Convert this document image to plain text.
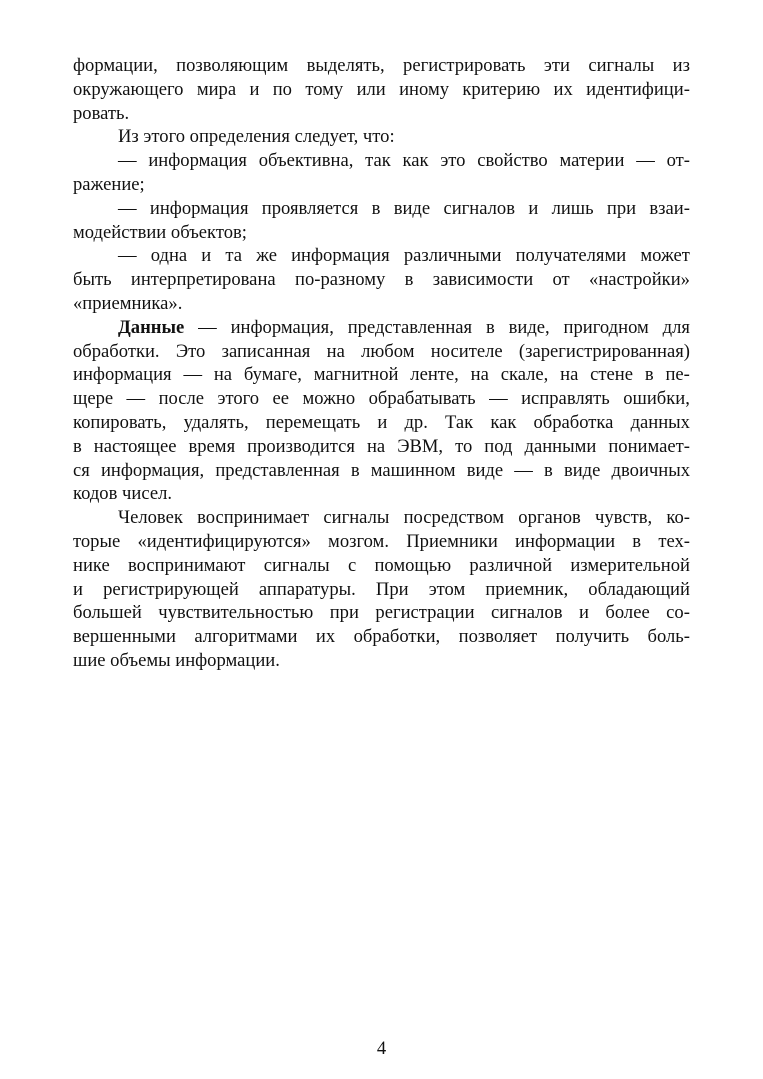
формации, позволяющим выделять, регистрировать эти сигналы из
окружающего мира и по тому или иному критерию их идентифици-
ровать.
Из этого определения следует, что:
— информация объективна, так как это свойство материи — от-
ражение;
— информация проявляется в виде сигналов и лишь при взаи-
модействии объектов;
— одна и та же информация различными получателями может
быть интерпретирована по-разному в зависимости от «настройки»
«приемника».
Данные — информация, представленная в виде, пригодном для
обработки. Это записанная на любом носителе (зарегистрированная)
информация — на бумаге, магнитной ленте, на скале, на стене в пе-
щере — после этого ее можно обрабатывать — исправлять ошибки,
копировать, удалять, перемещать и др. Так как обработка данных
в настоящее время производится на ЭВМ, то под данными понимает-
ся информация, представленная в машинном виде — в виде двоичных
кодов чисел.
Человек воспринимает сигналы посредством органов чувств, ко-
торые «идентифицируются» мозгом. Приемники информации в тех-
нике воспринимают сигналы с помощью различной измерительной
и регистрирующей аппаратуры. При этом приемник, обладающий
большей чувствительностью при регистрации сигналов и более со-
вершенными алгоритмами их обработки, позволяет получить боль-
шие объемы информации.
4
